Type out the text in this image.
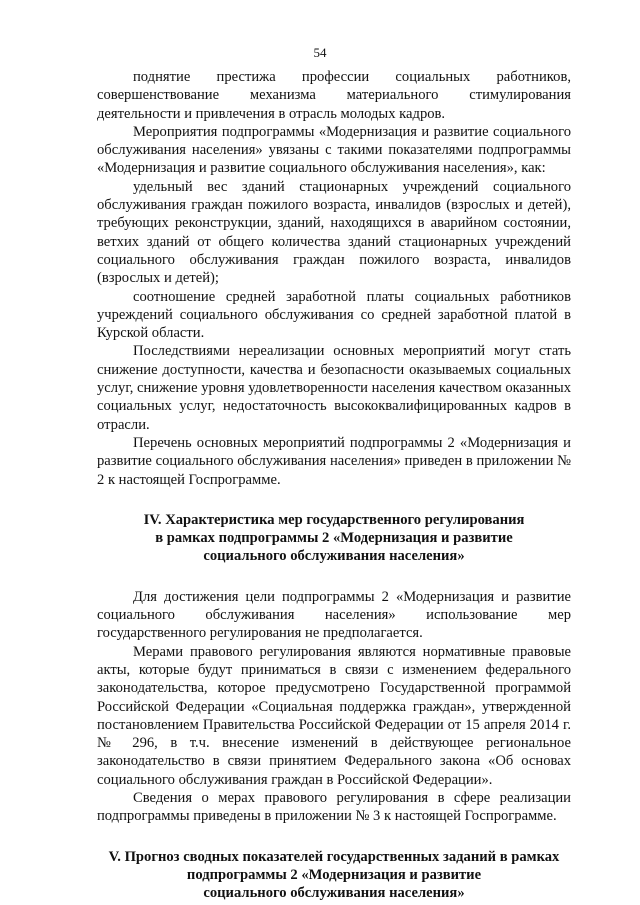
54

поднятие престижа профессии социальных работников, совершенствование механизма материального стимулирования деятельности и привлечения в отрасль молодых кадров.

Мероприятия подпрограммы «Модернизация и развитие социального обслуживания населения» увязаны с такими показателями подпрограммы «Модернизация и развитие социального обслуживания населения», как:

удельный вес зданий стационарных учреждений социального обслуживания граждан пожилого возраста, инвалидов (взрослых и детей), требующих реконструкции, зданий, находящихся в аварийном состоянии, ветхих зданий от общего количества зданий стационарных учреждений социального обслуживания граждан пожилого возраста, инвалидов (взрослых и детей);

соотношение средней заработной платы социальных работников учреждений социального обслуживания со средней заработной платой в Курской области.

Последствиями нереализации основных мероприятий могут стать снижение доступности, качества и безопасности оказываемых социальных услуг, снижение уровня удовлетворенности населения качеством оказанных социальных услуг, недостаточность высококвалифицированных кадров в отрасли.

Перечень основных мероприятий подпрограммы 2 «Модернизация и развитие социального обслуживания населения» приведен в приложении № 2 к настоящей Госпрограмме.

IV. Характеристика мер государственного регулирования
в рамках подпрограммы 2 «Модернизация и развитие
социального обслуживания населения»

Для достижения цели подпрограммы 2 «Модернизация и развитие социального обслуживания населения» использование мер государственного регулирования не предполагается.

Мерами правового регулирования являются нормативные правовые акты, которые будут приниматься в связи с изменением федерального законодательства, которое предусмотрено Государственной программой Российской Федерации «Социальная поддержка граждан», утвержденной постановлением Правительства Российской Федерации от 15 апреля 2014 г. № 296, в т.ч. внесение изменений в действующее региональное законодательство в связи принятием Федерального закона «Об основах социального обслуживания граждан в Российской Федерации».

Сведения о мерах правового регулирования в сфере реализации подпрограммы приведены в приложении № 3 к настоящей Госпрограмме.

V. Прогноз сводных показателей государственных заданий в рамках
подпрограммы 2 «Модернизация и развитие
социального обслуживания населения»
